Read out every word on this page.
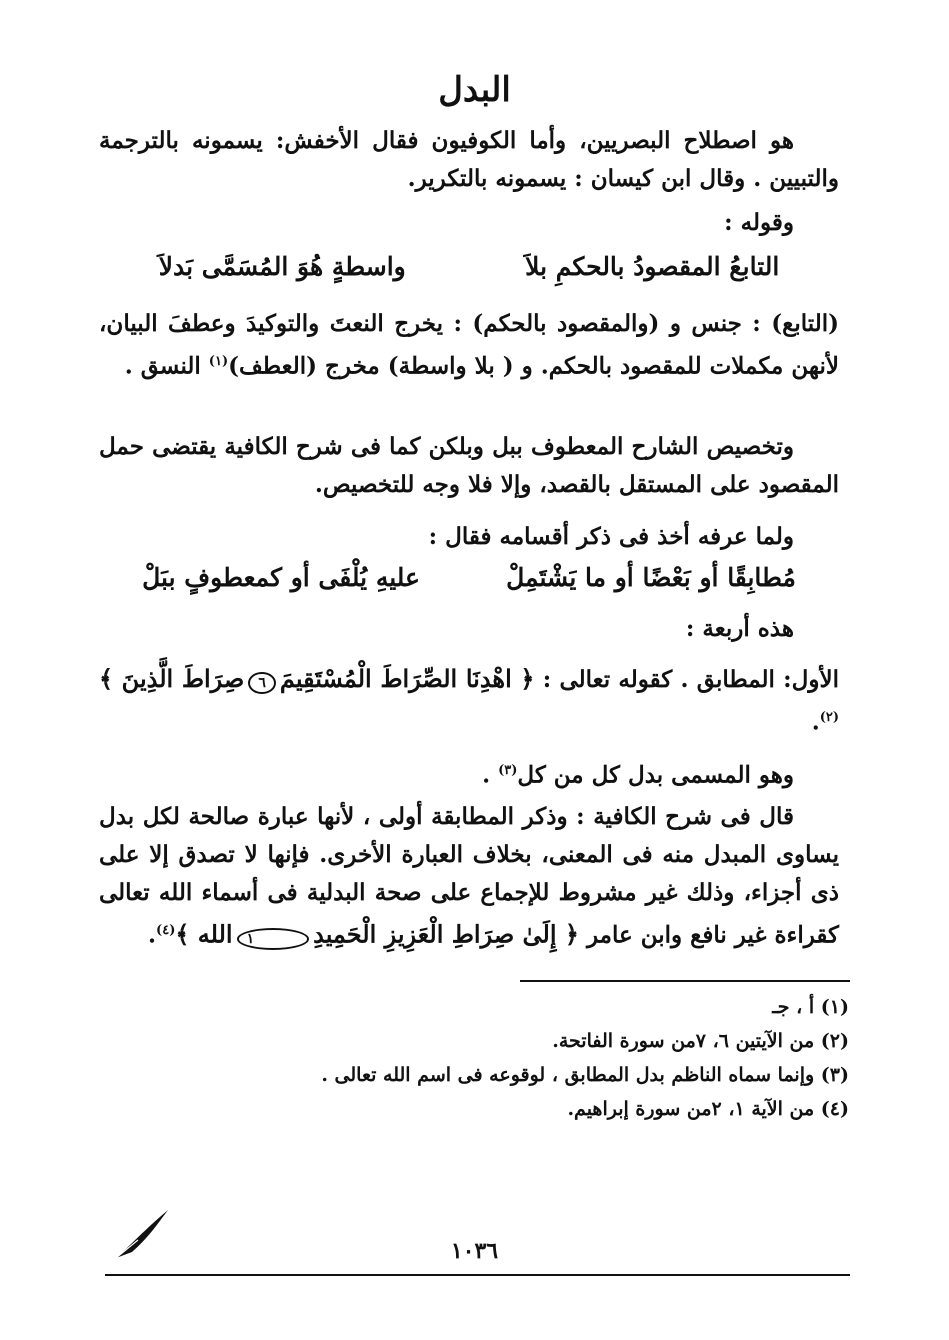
البدل

هو اصطلاح البصريين، وأما الكوفيون فقال الأخفش: يسمونه بالترجمة والتبيين . وقال ابن كيسان : يسمونه بالتكرير.

وقوله :

التابعُ المقصودُ بالحكمِ بلاَ
واسطةٍ هُوَ المُسَمَّى بَدلاَ

(التابع) : جنس و (والمقصود بالحكم) : يخرج النعتَ والتوكيدَ وعطفَ البيان، لأنهن مكملات للمقصود بالحكم. و ( بلا واسطة) مخرج (العطف)$^{(١)}$ النسق .

وتخصيص الشارح المعطوف ببل وبلكن كما فى شرح الكافية يقتضى حمل المقصود على المستقل بالقصد، وإلا فلا وجه للتخصيص.

ولما عرفه أخذ فى ذكر أقسامه فقال :

مُطابِقًا أو بَعْضًا أو ما يَشْتَمِلْ
عليهِ يُلْفَى أو كمعطوفٍ ببَلْ

هذه أربعة :

الأول: المطابق . كقوله تعالى : ﴿ اهْدِنَا الصِّرَاطَ الْمُسْتَقِيمَ٦صِرَاطَ الَّذِينَ ﴾$^{(٢)}$.

وهو المسمى بدل كل من كل$^{(٣)}$ .

قال فى شرح الكافية : وذكر المطابقة أولى ، لأنها عبارة صالحة لكل بدل يساوى المبدل منه فى المعنى، بخلاف العبارة الأخرى. فإنها لا تصدق إلا على ذى أجزاء، وذلك غير مشروط للإجماع على صحة البدلية فى أسماء الله تعالى كقراءة غير نافع وابن عامر ﴿ إِلَىٰ صِرَاطِ الْعَزِيزِ الْحَمِيدِ١الله ﴾$^{(٤)}$.

(١) أ ، جـ
(٢) من الآيتين ٦، ٧من سورة الفاتحة.
(٣) وإنما سماه الناظم بدل المطابق ، لوقوعه فى اسم الله تعالى .
(٤) من الآية ١، ٢من سورة إبراهيم.
١٠٣٦
